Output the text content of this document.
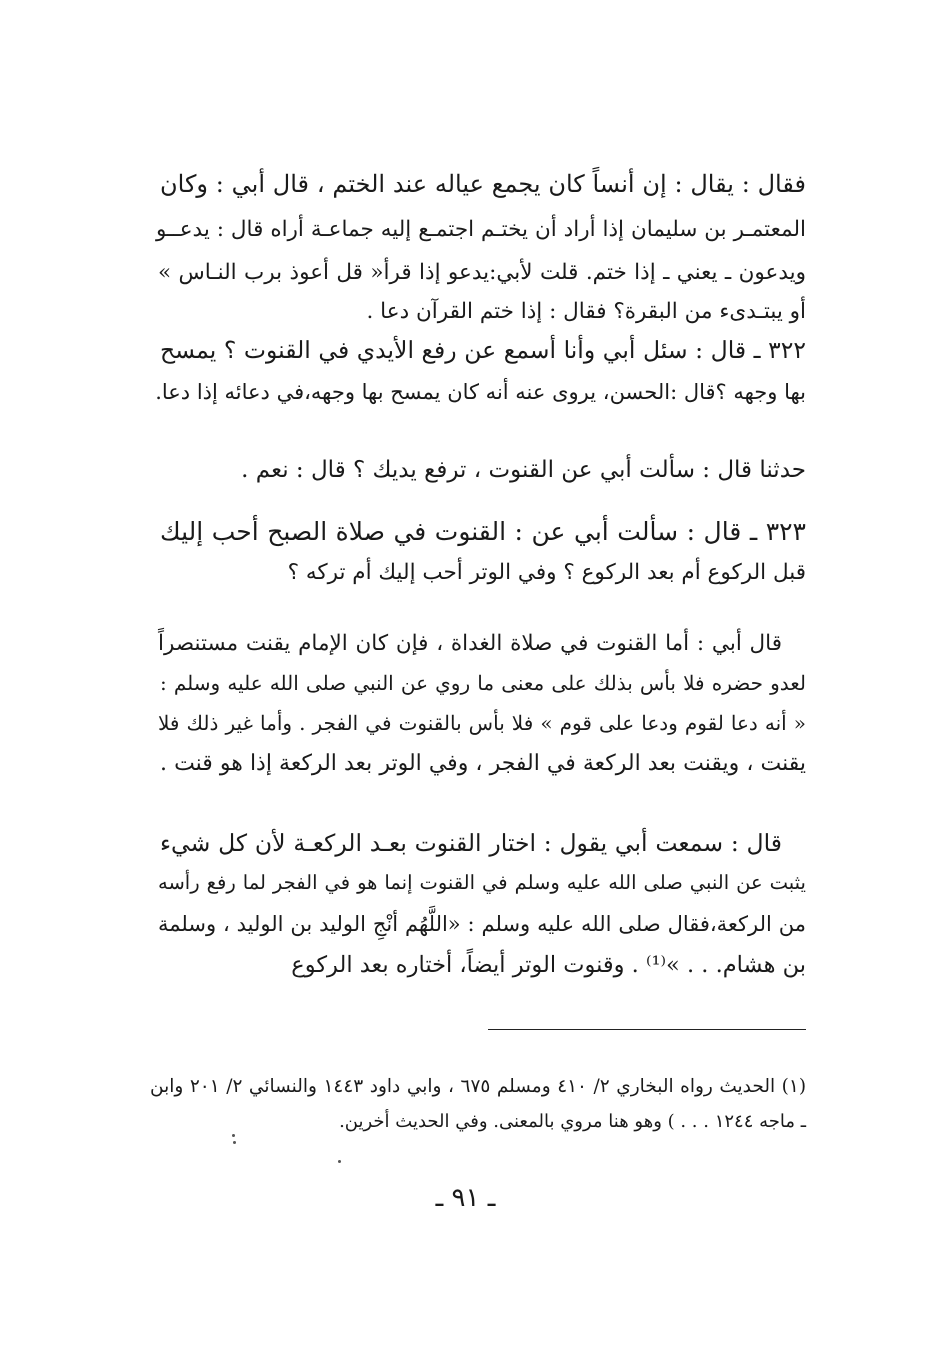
فقال : يقال : إن أنساً كان يجمع عياله عند الختم ، قال أبي : وكان
المعتمـر بن سليمان إذا أراد أن يختـم اجتمـع إليه جماعـة أراه قال : يدعــو
ويدعون ـ يعني ـ إذا ختم. قلت لأبي:يدعو إذا قرأ« قل أعوذ برب النـاس »
أو يبتـدىء من البقرة؟ فقال : إذا ختم القرآن دعا .
٣٢٢ ـ قال : سئل أبي وأنا أسمع عن رفع الأيدي في القنوت ؟ يمسح
بها وجهه ؟قال :الحسن، يروى عنه أنه كان يمسح بها وجهه،في دعائه إذا دعا.
حدثنا قال : سألت أبي عن القنوت ، ترفع يديك ؟ قال : نعم .
٣٢٣ ـ قال : سألت أبي عن : القنوت في صلاة الصبح أحب إليك
قبل الركوع أم بعد الركوع ؟ وفي الوتر أحب إليك أم تركه ؟
قال أبي : أما القنوت في صلاة الغداة ، فإن كان الإمام يقنت مستنصراً
لعدو حضره فلا بأس بذلك على معنى ما روي عن النبي صلى الله عليه وسلم :
« أنه دعا لقوم ودعا على قوم » فلا بأس بالقنوت في الفجر . وأما غير ذلك فلا
يقنت ، ويقنت بعد الركعة في الفجر ، وفي الوتر بعد الركعة إذا هو قنت .
قال : سمعت أبي يقول : اختار القنوت بعـد الركعـة لأن كل شيء
يثبت عن النبي صلى الله عليه وسلم في القنوت إنما هو في الفجر لما رفع رأسه
من الركعة،فقال صلى الله عليه وسلم : «اللَّهُم أنْجِ الوليد بن الوليد ، وسلمة
بن هشام. . . »⁽¹⁾ . وقنوت الوتر أيضاً، أختاره بعد الركوع
(١) الحديث رواه البخاري ٢/ ٤١٠ ومسلم ٦٧٥ ، وابي داود ١٤٤٣ والنسائي ٢/ ٢٠١ وابن
ـ ماجه ١٢٤٤ . . . ) وهو هنا مروي بالمعنى. وفي الحديث أخرين.
ـ ٩١ ـ
